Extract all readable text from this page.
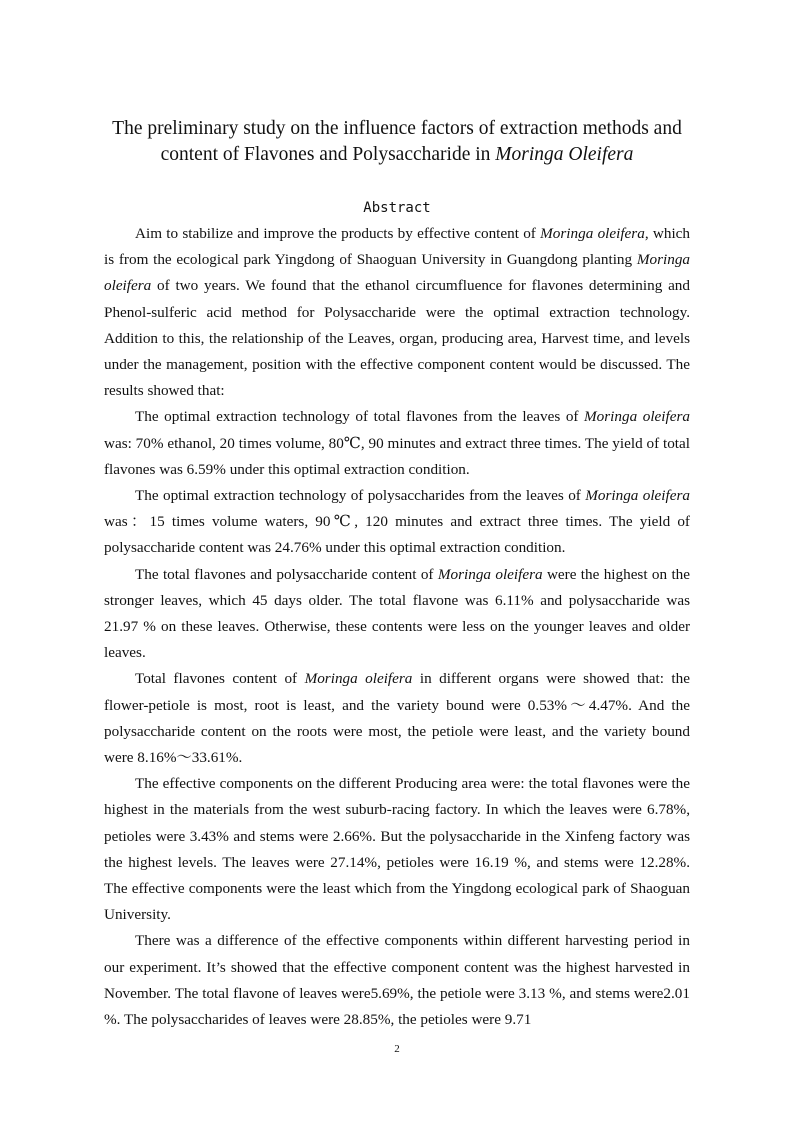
The preliminary study on the influence factors of extraction methods and
content of Flavones and Polysaccharide in Moringa Oleifera
Abstract

Aim to stabilize and improve the products by effective content of Moringa oleifera, which is from the ecological park Yingdong of Shaoguan University in Guangdong planting Moringa oleifera of two years. We found that the ethanol circumfluence for flavones determining and Phenol-sulferic acid method for Polysaccharide were the optimal extraction technology. Addition to this, the relationship of the Leaves, organ, producing area, Harvest time, and levels under the management, position with the effective component content would be discussed. The results showed that:

The optimal extraction technology of total flavones from the leaves of Moringa oleifera was: 70% ethanol, 20 times volume, 80℃, 90 minutes and extract three times. The yield of total flavones was 6.59% under this optimal extraction condition.

The optimal extraction technology of polysaccharides from the leaves of Moringa oleifera was：15 times volume waters, 90℃, 120 minutes and extract three times. The yield of polysaccharide content was 24.76% under this optimal extraction condition.

The total flavones and polysaccharide content of Moringa oleifera were the highest on the stronger leaves, which 45 days older. The total flavone was 6.11% and polysaccharide was 21.97 % on these leaves. Otherwise, these contents were less on the younger leaves and older leaves.

Total flavones content of Moringa oleifera in different organs were showed that: the flower-petiole is most, root is least, and the variety bound were 0.53%～4.47%. And the polysaccharide content on the roots were most, the petiole were least, and the variety bound were 8.16%～33.61%.

The effective components on the different Producing area were: the total flavones were the highest in the materials from the west suburb-racing factory. In which the leaves were 6.78%, petioles were 3.43% and stems were 2.66%. But the polysaccharide in the Xinfeng factory was the highest levels. The leaves were 27.14%, petioles were 16.19 %, and stems were 12.28%. The effective components were the least which from the Yingdong ecological park of Shaoguan University.

There was a difference of the effective components within different harvesting period in our experiment. It’s showed that the effective component content was the highest harvested in November. The total flavone of leaves were5.69%, the petiole were 3.13 %, and stems were2.01 %. The polysaccharides of leaves were 28.85%, the petioles were 9.71

2
